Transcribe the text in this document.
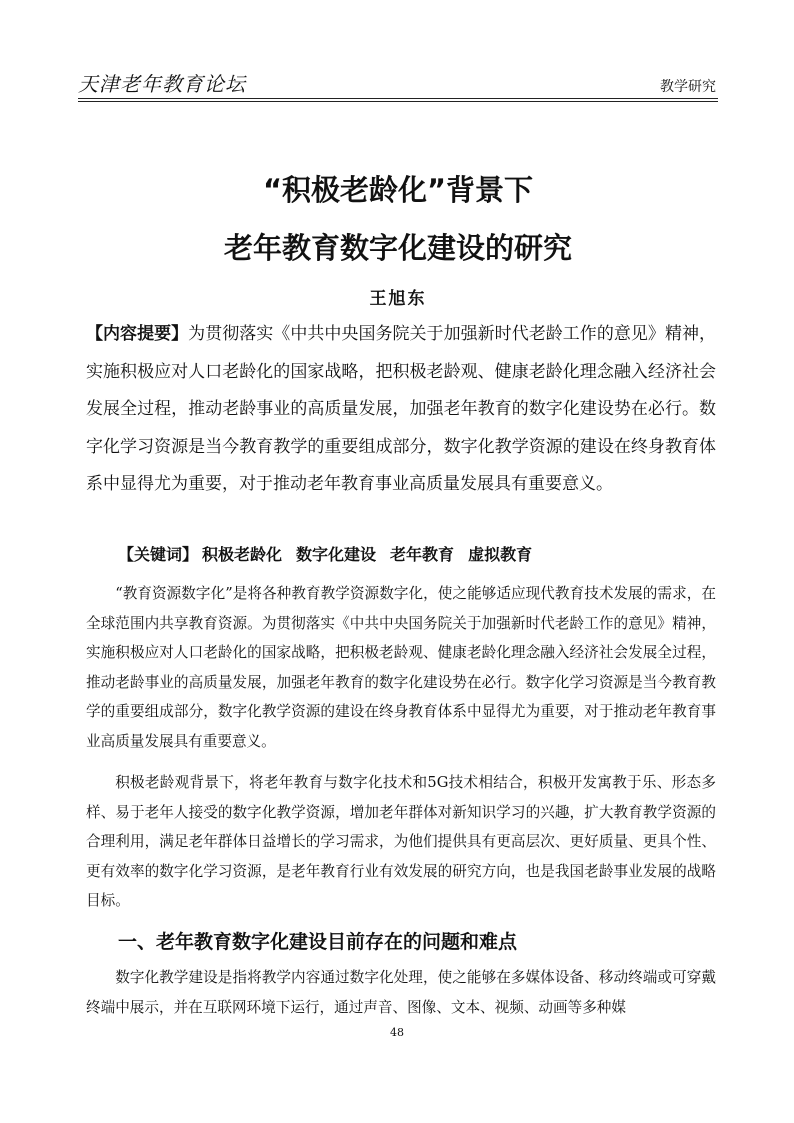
天津老年教育论坛	教学研究
“积极老龄化”背景下
老年教育数字化建设的研究
王旭东

【内容提要】为贯彻落实《中共中央国务院关于加强新时代老龄工作的意见》精神，实施积极应对人口老龄化的国家战略，把积极老龄观、健康老龄化理念融入经济社会发展全过程，推动老龄事业的高质量发展，加强老年教育的数字化建设势在必行。数字化学习资源是当今教育教学的重要组成部分，数字化教学资源的建设在终身教育体系中显得尤为重要，对于推动老年教育事业高质量发展具有重要意义。

【关键词】 积极老龄化 数字化建设 老年教育 虚拟教育

“教育资源数字化”是将各种教育教学资源数字化，使之能够适应现代教育技术发展的需求，在全球范围内共享教育资源。为贯彻落实《中共中央国务院关于加强新时代老龄工作的意见》精神，实施积极应对人口老龄化的国家战略，把积极老龄观、健康老龄化理念融入经济社会发展全过程，推动老龄事业的高质量发展，加强老年教育的数字化建设势在必行。数字化学习资源是当今教育教学的重要组成部分，数字化教学资源的建设在终身教育体系中显得尤为重要，对于推动老年教育事业高质量发展具有重要意义。

积极老龄观背景下，将老年教育与数字化技术和5G技术相结合，积极开发寓教于乐、形态多样、易于老年人接受的数字化教学资源，增加老年群体对新知识学习的兴趣，扩大教育教学资源的合理利用，满足老年群体日益增长的学习需求，为他们提供具有更高层次、更好质量、更具个性、更有效率的数字化学习资源，是老年教育行业有效发展的研究方向，也是我国老龄事业发展的战略目标。

一、老年教育数字化建设目前存在的问题和难点

数字化教学建设是指将教学内容通过数字化处理，使之能够在多媒体设备、移动终端或可穿戴终端中展示，并在互联网环境下运行，通过声音、图像、文本、视频、动画等多种媒

48
